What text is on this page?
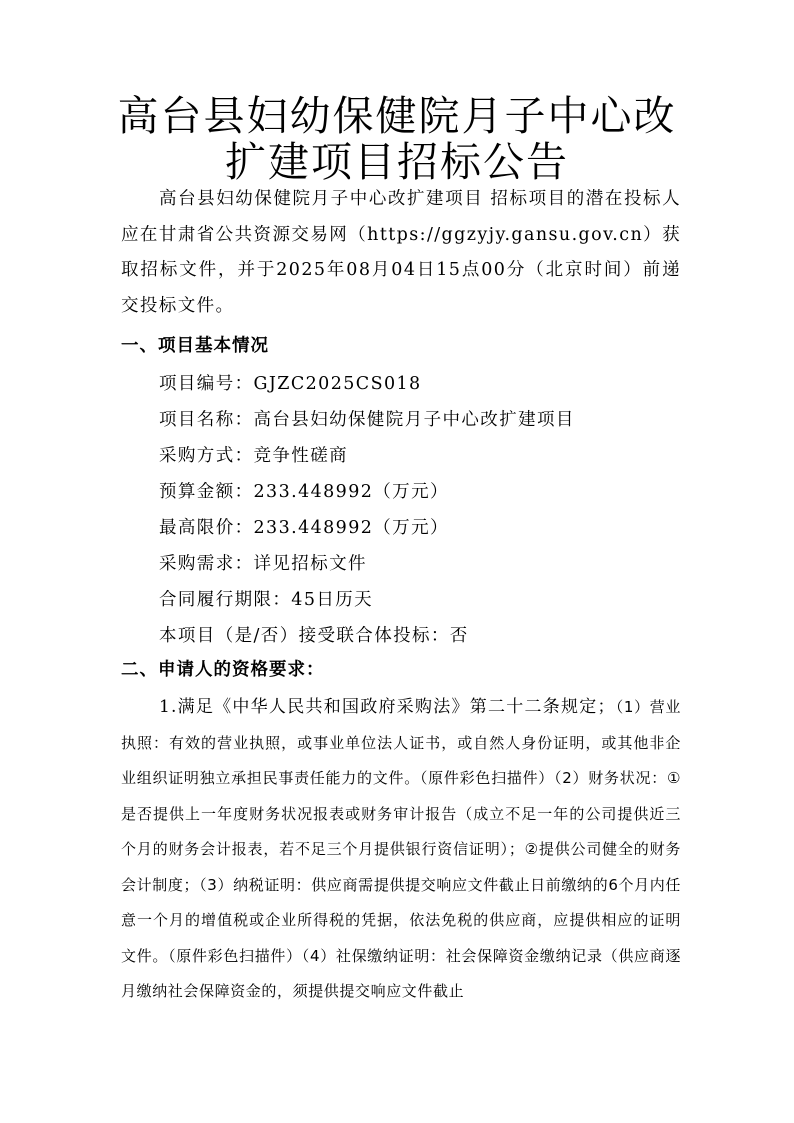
高台县妇幼保健院月子中心改
扩建项目招标公告
高台县妇幼保健院月子中心改扩建项目 招标项目的潜在投标人应在甘肃省公共资源交易网（https://ggzyjy.gansu.gov.cn）获取招标文件，并于2025年08月04日15点00分（北京时间）前递交投标文件。
一、项目基本情况
项目编号：GJZC2025CS018
项目名称：高台县妇幼保健院月子中心改扩建项目
采购方式：竞争性磋商
预算金额：233.448992（万元）
最高限价：233.448992（万元）
采购需求：详见招标文件
合同履行期限：45日历天
本项目（是/否）接受联合体投标：否
二、申请人的资格要求：
1.满足《中华人民共和国政府采购法》第二十二条规定；（1）营业执照：有效的营业执照，或事业单位法人证书，或自然人身份证明，或其他非企业组织证明独立承担民事责任能力的文件。（原件彩色扫描件）（2）财务状况：①是否提供上一年度财务状况报表或财务审计报告（成立不足一年的公司提供近三个月的财务会计报表，若不足三个月提供银行资信证明）；②提供公司健全的财务会计制度；（3）纳税证明：供应商需提供提交响应文件截止日前缴纳的6个月内任意一个月的增值税或企业所得税的凭据，依法免税的供应商，应提供相应的证明文件。（原件彩色扫描件）（4）社保缴纳证明：社会保障资金缴纳记录（供应商逐月缴纳社会保障资金的，须提供提交响应文件截止
